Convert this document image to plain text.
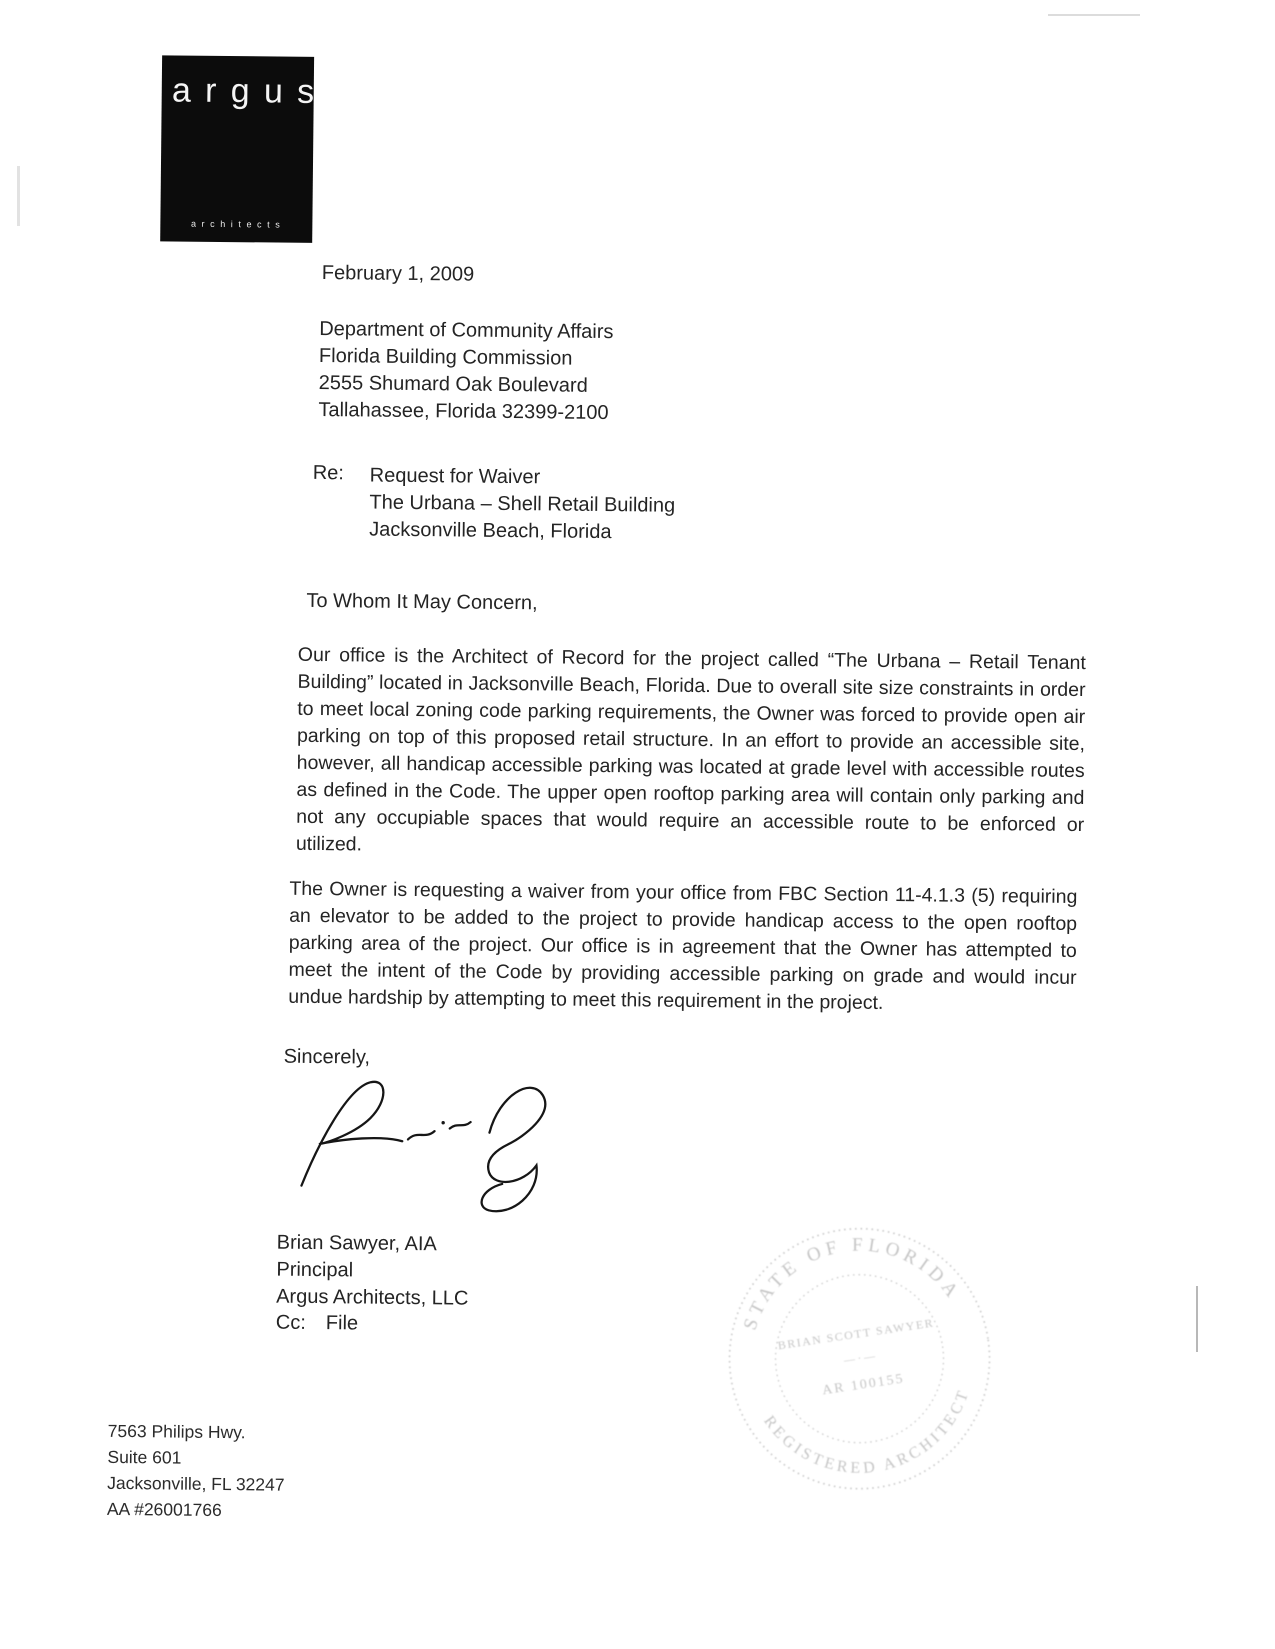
argus
architects
February 1, 2009
Department of Community Affairs
Florida Building Commission
2555 Shumard Oak Boulevard
Tallahassee, Florida 32399-2100
Re: Request for Waiver
The Urbana – Shell Retail Building
Jacksonville Beach, Florida
To Whom It May Concern,
Our office is the Architect of Record for the project called “The Urbana – Retail Tenant Building” located in Jacksonville Beach, Florida. Due to overall site size constraints in order to meet local zoning code parking requirements, the Owner was forced to provide open air parking on top of this proposed retail structure. In an effort to provide an accessible site, however, all handicap accessible parking was located at grade level with accessible routes as defined in the Code. The upper open rooftop parking area will contain only parking and not any occupiable spaces that would require an accessible route to be enforced or utilized.
The Owner is requesting a waiver from your office from FBC Section 11-4.1.3 (5) requiring an elevator to be added to the project to provide handicap access to the open rooftop parking area of the project. Our office is in agreement that the Owner has attempted to meet the intent of the Code by providing accessible parking on grade and would incur undue hardship by attempting to meet this requirement in the project.
Sincerely,
Brian Sawyer, AIA
Principal
Argus Architects, LLC
Cc: File	STATE OF FLORIDA
REGISTERED ARCHITECT
BRIAN SCOTT SAWYER
— · —
AR 100155
7563 Philips Hwy.
Suite 601
Jacksonville, FL 32247
AA #26001766
